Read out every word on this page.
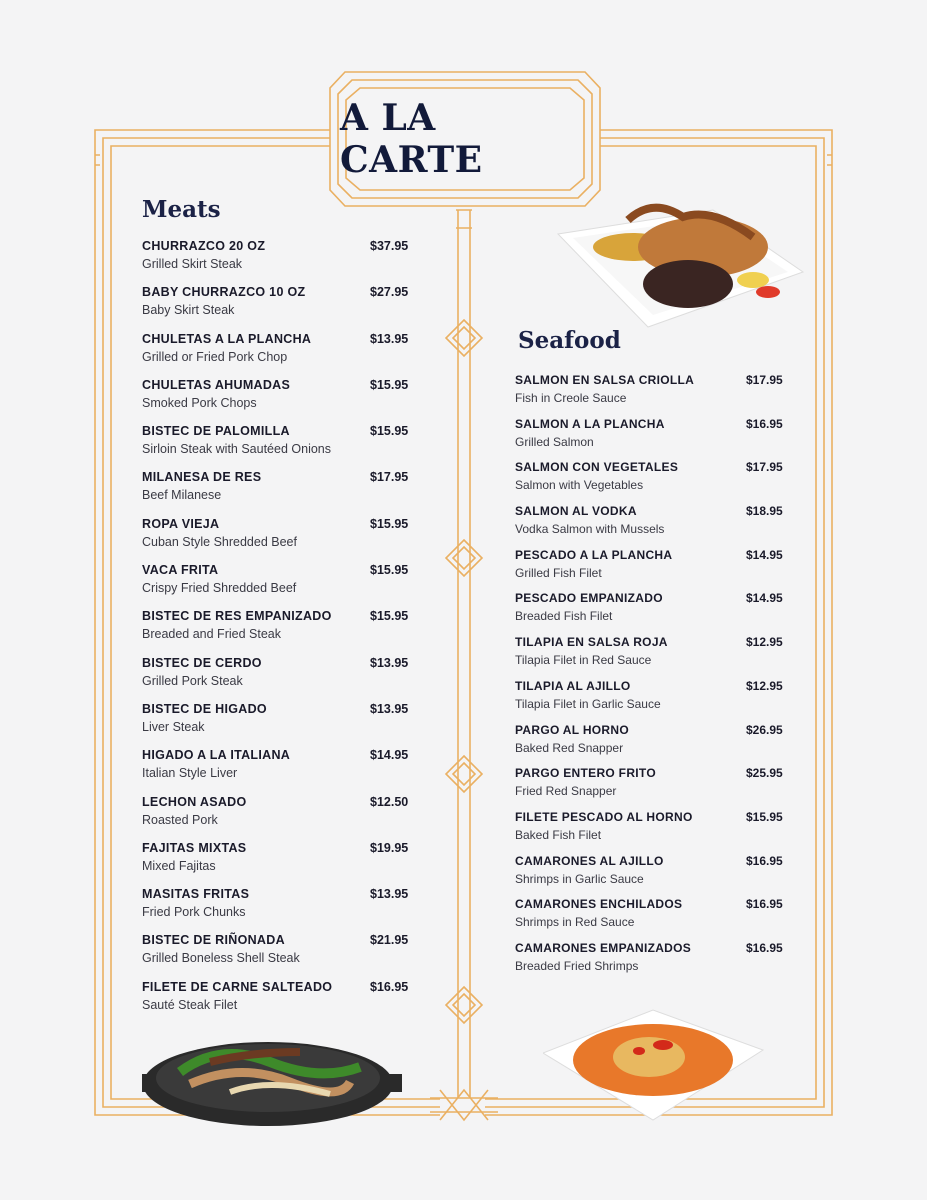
A LA CARTE
Meats
CHURRAZCO 20 OZ	$37.95
Grilled Skirt Steak
BABY CHURRAZCO 10 OZ	$27.95
Baby Skirt Steak
CHULETAS A LA PLANCHA	$13.95
Grilled or Fried Pork Chop
CHULETAS AHUMADAS	$15.95
Smoked Pork Chops
BISTEC DE PALOMILLA	$15.95
Sirloin Steak with Sautéed Onions
MILANESA DE RES	$17.95
Beef Milanese
ROPA VIEJA	$15.95
Cuban Style Shredded Beef
VACA FRITA	$15.95
Crispy Fried Shredded Beef
BISTEC DE RES EMPANIZADO	$15.95
Breaded and Fried Steak
BISTEC DE CERDO	$13.95
Grilled Pork Steak
BISTEC DE HIGADO	$13.95
Liver Steak
HIGADO A LA ITALIANA	$14.95
Italian Style Liver
LECHON ASADO	$12.50
Roasted Pork
FAJITAS MIXTAS	$19.95
Mixed Fajitas
MASITAS FRITAS	$13.95
Fried Pork Chunks
BISTEC DE RIÑONADA	$21.95
Grilled Boneless Shell Steak
FILETE DE CARNE SALTEADO	$16.95
Sauté Steak Filet
Seafood
SALMON EN SALSA CRIOLLA	$17.95
Fish in Creole Sauce
SALMON A LA PLANCHA	$16.95
Grilled Salmon
SALMON CON VEGETALES	$17.95
Salmon with Vegetables
SALMON AL VODKA	$18.95
Vodka Salmon with Mussels
PESCADO A LA PLANCHA	$14.95
Grilled Fish Filet
PESCADO EMPANIZADO	$14.95
Breaded Fish Filet
TILAPIA EN SALSA ROJA	$12.95
Tilapia Filet in Red Sauce
TILAPIA AL AJILLO	$12.95
Tilapia Filet in Garlic Sauce
PARGO AL HORNO	$26.95
Baked Red Snapper
PARGO ENTERO FRITO	$25.95
Fried Red Snapper
FILETE PESCADO AL HORNO	$15.95
Baked Fish Filet
CAMARONES AL AJILLO	$16.95
Shrimps in Garlic Sauce
CAMARONES ENCHILADOS	$16.95
Shrimps in Red Sauce
CAMARONES EMPANIZADOS	$16.95
Breaded Fried Shrimps
